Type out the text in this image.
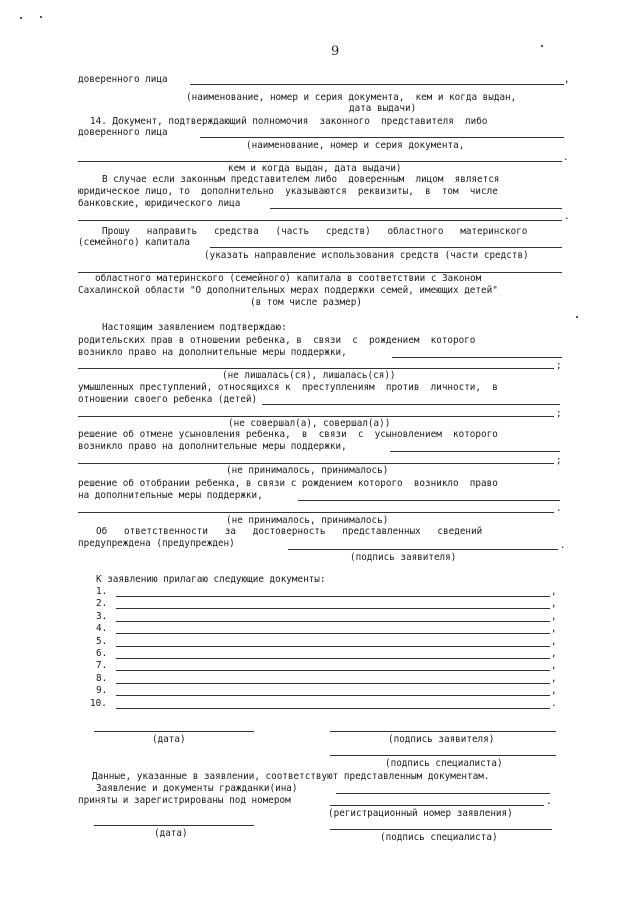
9
доверенного лица	,
(наименование, номер и серия документа,  кем и когда выдан,
дата выдачи)
14. Документ, подтверждающий полномочия  законного  представителя  либо
доверенного лица
(наименование, номер и серия документа,
.
кем и когда выдан, дата выдачи)
В случае если законным представителем либо  доверенным  лицом  является
юридическое лицо, то  дополнительно  указываются  реквизиты,  в  том  числе
банковские, юридического лица
.
Прошу   направить   средства   (часть   средств)   областного   материнского
(семейного) капитала
(указать направление использования средств (части средств)
областного материнского (семейного) капитала в соответствии с Законом
Сахалинской области "О дополнительных мерах поддержки семей, имеющих детей"
(в том числе размер)
Настоящим заявлением подтверждаю:
родительских прав в отношении ребенка, в  связи  с  рождением  которого
возникло право на дополнительные меры поддержки,
;
(не лишалась(ся), лишалась(ся))
умышленных преступлений, относящихся к  преступлениям  против  личности,  в
отношении своего ребенка (детей)
;
(не совершал(а), совершал(а))
решение об отмене усыновления ребенка,  в  связи  с  усыновлением  которого
возникло право на дополнительные меры поддержки,
;
(не принималось, принималось)
решение об отобрании ребенка, в связи с рождением которого  возникло  право
на дополнительные меры поддержки,
.
(не принималось, принималось)
Об   ответственности   за   достоверность   представленных   сведений
предупреждена (предупрежден)	.
(подпись заявителя)
К заявлению прилагаю следующие документы:
1.	,
2.	,
3.	,
4.	,
5.	,
6.	,
7.	,
8.	,
9.	,
10.	.
(дата)	(подпись заявителя)
(подпись специалиста)
Данные, указанные в заявлении, соответствуют представленным документам.
Заявление и документы гражданки(ина)
приняты и зарегистрированы под номером	.
(регистрационный номер заявления)
(дата)	(подпись специалиста)
